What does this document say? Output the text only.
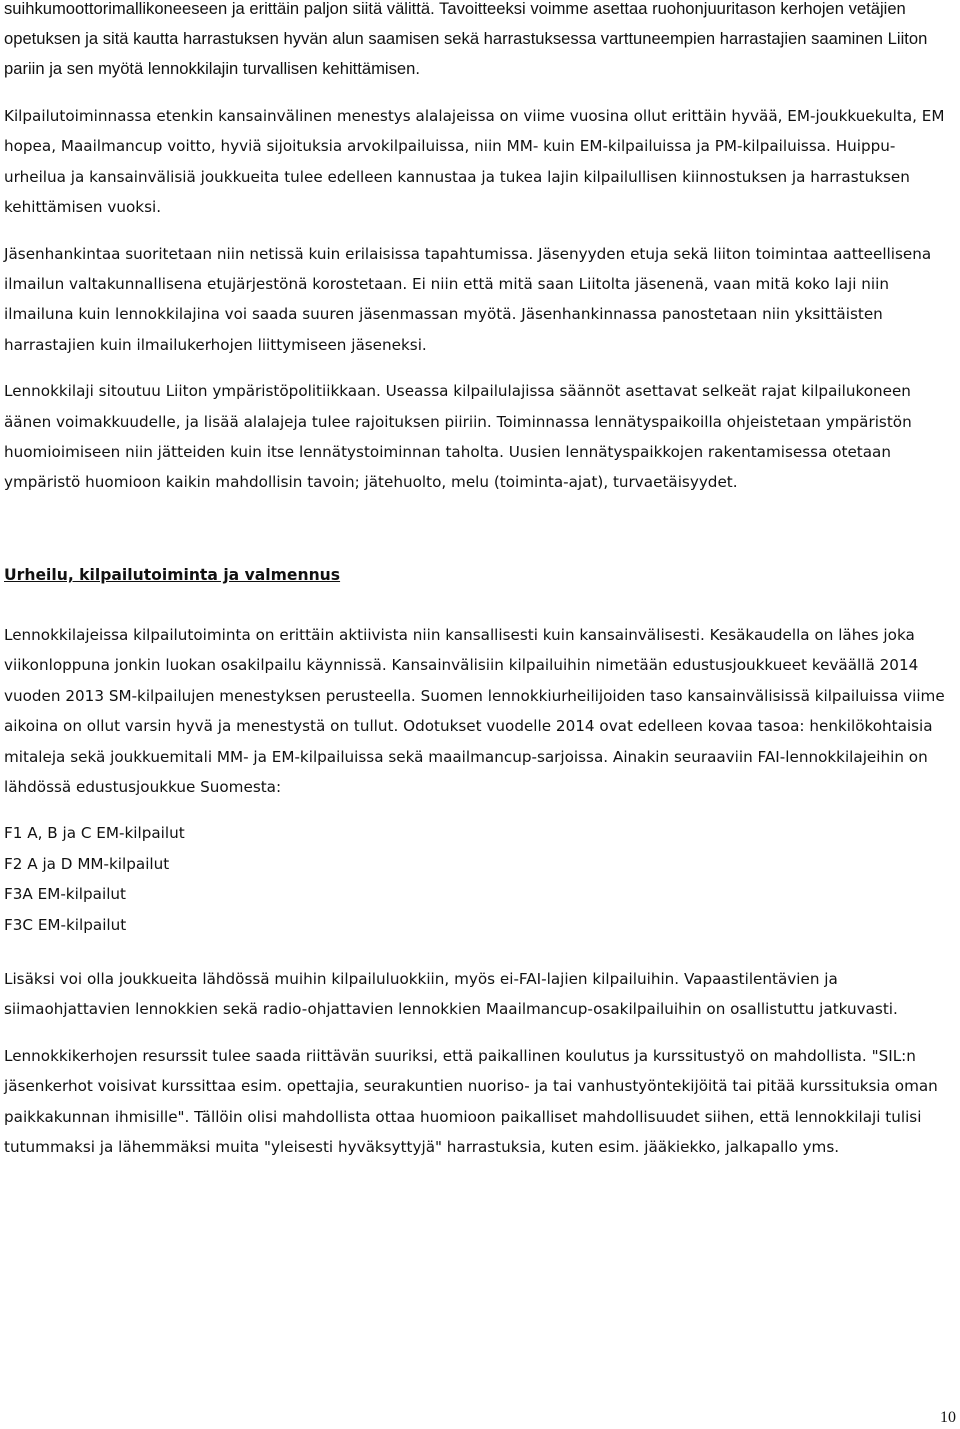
suihkumoottorimallikoneeseen ja erittäin paljon siitä välittä. Tavoitteeksi voimme asettaa ruohonjuuritason kerhojen vetäjien opetuksen ja sitä kautta harrastuksen hyvän alun saamisen sekä harrastuksessa varttuneempien harrastajien saaminen Liiton pariin ja sen myötä lennokkilajin turvallisen kehittämisen.

Kilpailutoiminnassa etenkin kansainvälinen menestys alalajeissa on viime vuosina ollut erittäin hyvää, EM-joukkuekulta, EM hopea, Maailmancup voitto, hyviä sijoituksia arvokilpailuissa, niin MM- kuin EM-kilpailuissa ja PM-kilpailuissa. Huippu-urheilua ja kansainvälisiä joukkueita tulee edelleen kannustaa ja tukea lajin kilpailullisen kiinnostuksen ja harrastuksen kehittämisen vuoksi.

Jäsenhankintaa suoritetaan niin netissä kuin erilaisissa tapahtumissa. Jäsenyyden etuja sekä liiton toimintaa aatteellisena ilmailun valtakunnallisena etujärjestönä korostetaan. Ei niin että mitä saan Liitolta jäsenenä, vaan mitä koko laji niin ilmailuna kuin lennokkilajina voi saada suuren jäsenmassan myötä. Jäsenhankinnassa panostetaan niin yksittäisten harrastajien kuin ilmailukerhojen liittymiseen jäseneksi.

Lennokkilaji sitoutuu Liiton ympäristöpolitiikkaan. Useassa kilpailulajissa säännöt asettavat selkeät rajat kilpailukoneen äänen voimakkuudelle, ja lisää alalajeja tulee rajoituksen piiriin. Toiminnassa lennätyspaikoilla ohjeistetaan ympäristön huomioimiseen niin jätteiden kuin itse lennätystoiminnan taholta. Uusien lennätyspaikkojen rakentamisessa otetaan ympäristö huomioon kaikin mahdollisin tavoin; jätehuolto, melu (toiminta-ajat), turvaetäisyydet.

Urheilu, kilpailutoiminta ja valmennus

Lennokkilajeissa kilpailutoiminta on erittäin aktiivista niin kansallisesti kuin kansainvälisesti. Kesäkaudella on lähes joka viikonloppuna jonkin luokan osakilpailu käynnissä. Kansainvälisiin kilpailuihin nimetään edustusjoukkueet keväällä 2014 vuoden 2013 SM-kilpailujen menestyksen perusteella. Suomen lennokkiurheilijoiden taso kansainvälisissä kilpailuissa viime aikoina on ollut varsin hyvä ja menestystä on tullut. Odotukset vuodelle 2014 ovat edelleen kovaa tasoa: henkilökohtaisia mitaleja sekä joukkuemitali MM- ja EM-kilpailuissa sekä maailmancup-sarjoissa. Ainakin seuraaviin FAI-lennokkilajeihin on lähdössä edustusjoukkue Suomesta:

F1 A, B ja C EM-kilpailut

F2 A ja D MM-kilpailut

F3A EM-kilpailut

F3C EM-kilpailut

Lisäksi voi olla joukkueita lähdössä muihin kilpailuluokkiin, myös ei-FAI-lajien kilpailuihin. Vapaastilentävien ja siimaohjattavien lennokkien sekä radio-ohjattavien lennokkien Maailmancup-osakilpailuihin on osallistuttu jatkuvasti.

Lennokkikerhojen resurssit tulee saada riittävän suuriksi, että paikallinen koulutus ja kurssitustyö on mahdollista. "SIL:n jäsenkerhot voisivat kurssittaa esim. opettajia, seurakuntien nuoriso- ja tai vanhustyöntekijöitä tai pitää kurssituksia oman paikkakunnan ihmisille". Tällöin olisi mahdollista ottaa huomioon paikalliset mahdollisuudet siihen, että lennokkilaji tulisi tutummaksi ja lähemmäksi muita "yleisesti hyväksyttyjä" harrastuksia, kuten esim. jääkiekko, jalkapallo yms.

10
